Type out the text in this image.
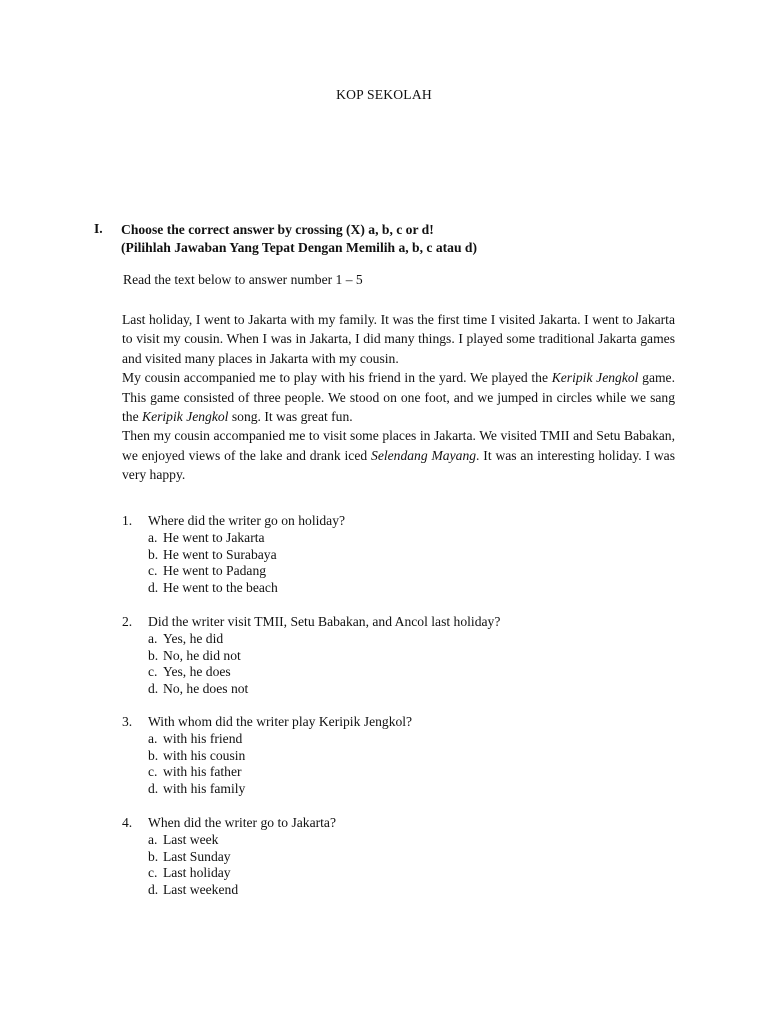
KOP SEKOLAH
I. Choose the correct answer by crossing (X) a, b, c or d!
(Pilihlah Jawaban Yang Tepat Dengan Memilih a, b, c atau d)
Read the text below to answer number 1 – 5

Last holiday, I went to Jakarta with my family. It was the first time I visited Jakarta. I went to Jakarta to visit my cousin. When I was in Jakarta, I did many things. I played some traditional Jakarta games and visited many places in Jakarta with my cousin.

My cousin accompanied me to play with his friend in the yard. We played the Keripik Jengkol game. This game consisted of three people. We stood on one foot, and we jumped in circles while we sang the Keripik Jengkol song. It was great fun.

Then my cousin accompanied me to visit some places in Jakarta. We visited TMII and Setu Babakan, we enjoyed views of the lake and drank iced Selendang Mayang. It was an interesting holiday. I was very happy.

1. Where did the writer go on holiday?
a. He went to Jakarta
b. He went to Surabaya
c. He went to Padang
d. He went to the beach
2. Did the writer visit TMII, Setu Babakan, and Ancol last holiday?
a. Yes, he did
b. No, he did not
c. Yes, he does
d. No, he does not
3. With whom did the writer play Keripik Jengkol?
a. with his friend
b. with his cousin
c. with his father
d. with his family
4. When did the writer go to Jakarta?
a. Last week
b. Last Sunday
c. Last holiday
d. Last weekend
